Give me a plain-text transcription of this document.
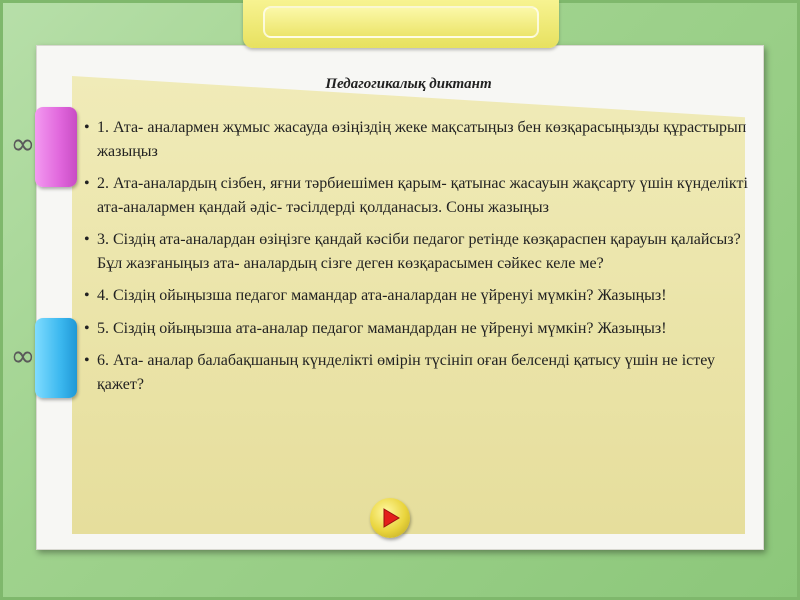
∞
∞
Педагогикалық диктант
• 1. Ата- аналармен жұмыс жасауда өзіңіздің жеке мақсатыңыз бен көзқарасыңызды құрастырып жазыңыз
• 2. Ата-аналардың сізбен, яғни тәрбиешімен қарым- қатынас жасауын жақсарту үшін күнделікті ата-аналармен қандай әдіс- тәсілдерді қолданасыз. Соны жазыңыз
• 3. Сіздің ата-аналардан өзіңізге қандай кәсіби педагог ретінде көзқараспен қарауын қалайсыз? Бұл жазғаныңыз ата- аналардың сізге деген көзқарасымен сәйкес келе ме?
• 4. Сіздің ойыңызша педагог мамандар ата-аналардан не үйренуі мүмкін? Жазыңыз!
• 5. Сіздің ойыңызша ата-аналар педагог мамандардан не үйренуі мүмкін? Жазыңыз!
• 6. Ата- аналар балабақшаның күнделікті өмірін түсініп оған белсенді қатысу үшін не істеу қажет?
